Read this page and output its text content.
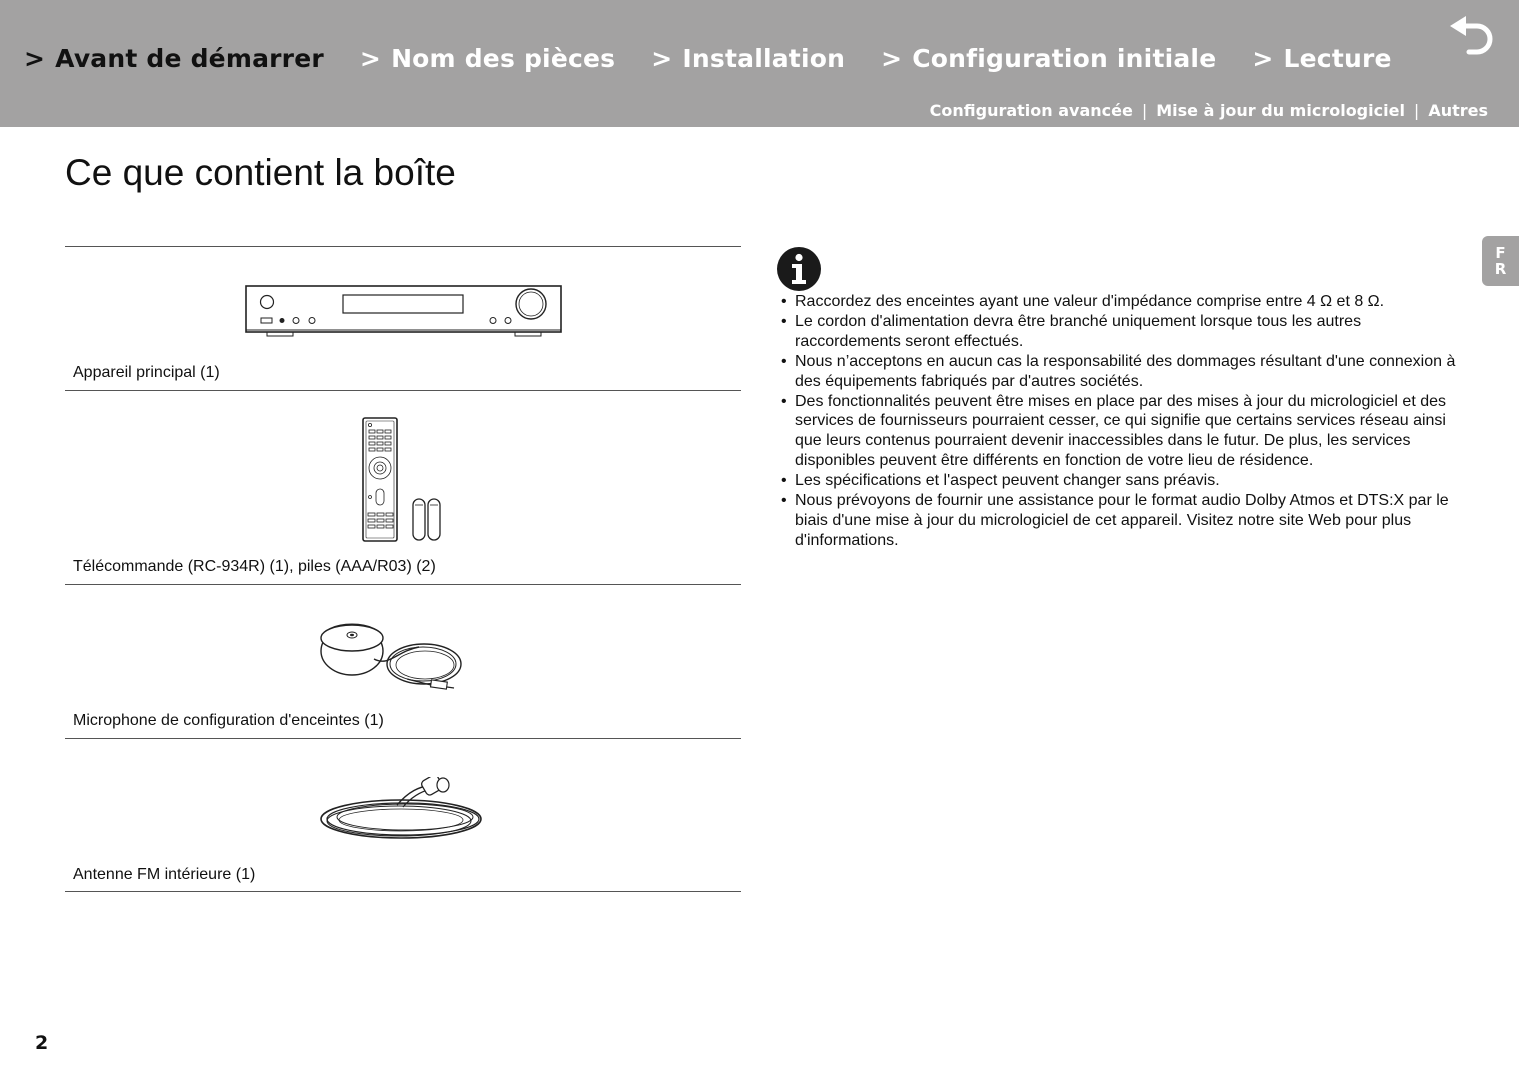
> Avant de démarrer > Nom des pièces > Installation > Configuration initiale > Lecture
Configuration avancée | Mise à jour du micrologiciel | Autres
Ce que contient la boîte
Appareil principal (1)
Télécommande (RC-934R) (1), piles (AAA/R03) (2)
Microphone de configuration d'enceintes (1)
Antenne FM intérieure (1)
• Raccordez des enceintes ayant une valeur d'impédance comprise entre 4 Ω et 8 Ω.
• Le cordon d'alimentation devra être branché uniquement lorsque tous les autres raccordements seront effectués.
• Nous n’acceptons en aucun cas la responsabilité des dommages résultant d'une connexion à des équipements fabriqués par d'autres sociétés.
• Des fonctionnalités peuvent être mises en place par des mises à jour du micrologiciel et des services de fournisseurs pourraient cesser, ce qui signifie que certains services réseau ainsi que leurs contenus pourraient devenir inaccessibles dans le futur. De plus, les services disponibles peuvent être différents en fonction de votre lieu de résidence.
• Les spécifications et l'aspect peuvent changer sans préavis.
• Nous prévoyons de fournir une assistance pour le format audio Dolby Atmos et DTS:X par le biais d'une mise à jour du micrologiciel de cet appareil. Visitez notre site Web pour plus d'informations.
F
R
2
